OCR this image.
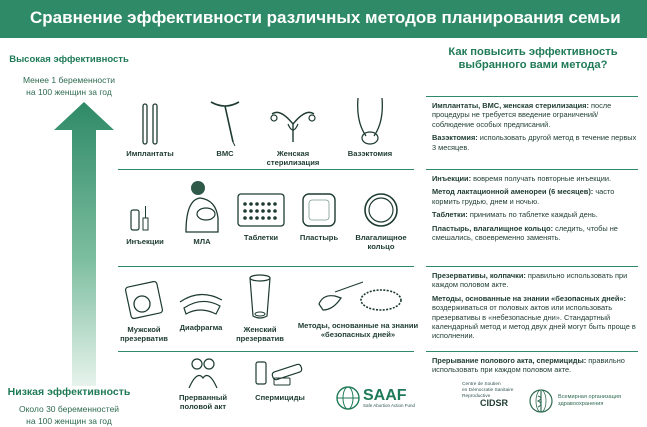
Сравнение эффективности различных методов планирования семьи
Высокая эффективность
Менее 1 беременности
на 100 женщин за год
Низкая эффективность
Около 30 беременностей
на 100 женщин за год
Имплантаты	ВМС	Женская стерилизация
Вазэктомия
Инъекции	МЛА	Таблетки	Пластырь	Влагалищное кольцо
Мужской презерватив
Диафрагма	Женский презерватив
Методы, основанные на знании «безопасных дней»
Прерванный половой акт
Спермициды
Как повысить эффективность выбранного вами метода?

Имплантаты, ВМС, женская стерилизация: после процедуры не требуется введение ограничений/соблюдение особых предписаний.

Вазэктомия: использовать другой метод в течение первых 3 месяцев.

Инъекции: вовремя получать повторные инъекции.

Метод лактационной аменореи (6 месяцев): часто кормить грудью, днем и ночью.

Таблетки: принимать по таблетке каждый день.

Пластырь, влагалищное кольцо: следить, чтобы не смешались, своевременно заменять.

Презервативы, колпачки: правильно использовать при каждом половом акте.

Методы, основанные на знании «безопасных дней»: воздерживаться от половых актов или использовать презервативы в «небезопасные дни». Стандартный календарный метод и метод двух дней могут быть проще в исполнении.

Прерывание полового акта, спермициды: правильно использовать при каждом половом акте.

SAAF
Safe Abortion Action Fund
Centre de Soutien
en Démocratie Sanitaire
Reproductive
CIDSR
Всемирная организация здравоохранения
